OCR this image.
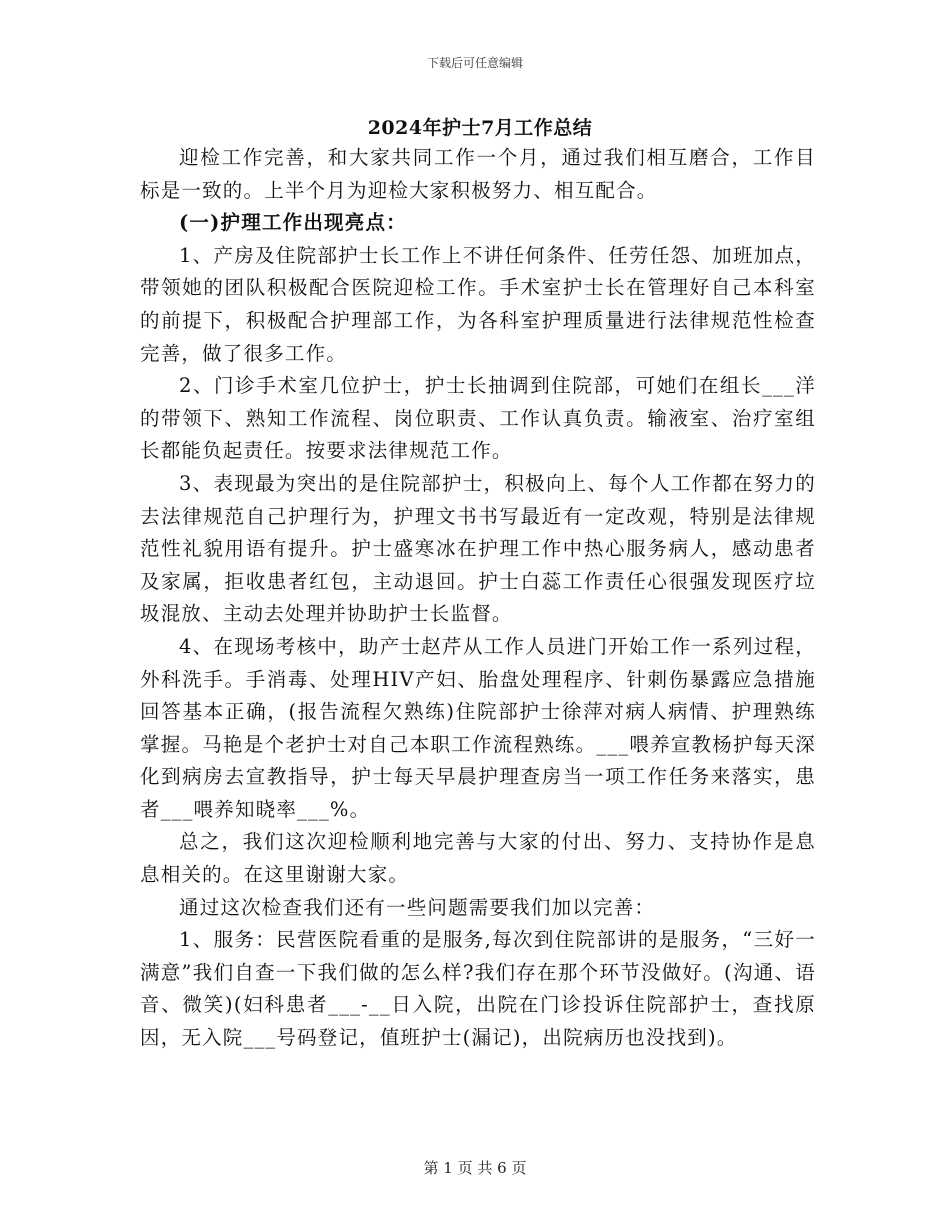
下载后可任意编辑
2024年护士7月工作总结

迎检工作完善，和大家共同工作一个月，通过我们相互磨合，工作目标是一致的。上半个月为迎检大家积极努力、相互配合。

(一)护理工作出现亮点：

1、产房及住院部护士长工作上不讲任何条件、任劳任怨、加班加点，带领她的团队积极配合医院迎检工作。手术室护士长在管理好自己本科室的前提下，积极配合护理部工作，为各科室护理质量进行法律规范性检查完善，做了很多工作。

2、门诊手术室几位护士，护士长抽调到住院部，可她们在组长___洋的带领下、熟知工作流程、岗位职责、工作认真负责。输液室、治疗室组长都能负起责任。按要求法律规范工作。

3、表现最为突出的是住院部护士，积极向上、每个人工作都在努力的去法律规范自己护理行为，护理文书书写最近有一定改观，特别是法律规范性礼貌用语有提升。护士盛寒冰在护理工作中热心服务病人，感动患者及家属，拒收患者红包，主动退回。护士白蕊工作责任心很强发现医疗垃圾混放、主动去处理并协助护士长监督。

4、在现场考核中，助产士赵芹从工作人员进门开始工作一系列过程，外科洗手。手消毒、处理HIV产妇、胎盘处理程序、针刺伤暴露应急措施回答基本正确，(报告流程欠熟练)住院部护士徐萍对病人病情、护理熟练掌握。马艳是个老护士对自己本职工作流程熟练。___喂养宣教杨护每天深化到病房去宣教指导，护士每天早晨护理查房当一项工作任务来落实，患者___喂养知晓率___%。

总之，我们这次迎检顺利地完善与大家的付出、努力、支持协作是息息相关的。在这里谢谢大家。

通过这次检查我们还有一些问题需要我们加以完善：

1、服务：民营医院看重的是服务,每次到住院部讲的是服务，“三好一满意”我们自查一下我们做的怎么样?我们存在那个环节没做好。(沟通、语音、微笑)(妇科患者___-__日入院，出院在门诊投诉住院部护士，查找原因，无入院___号码登记，值班护士(漏记)，出院病历也没找到)。

第 1 页 共 6 页
